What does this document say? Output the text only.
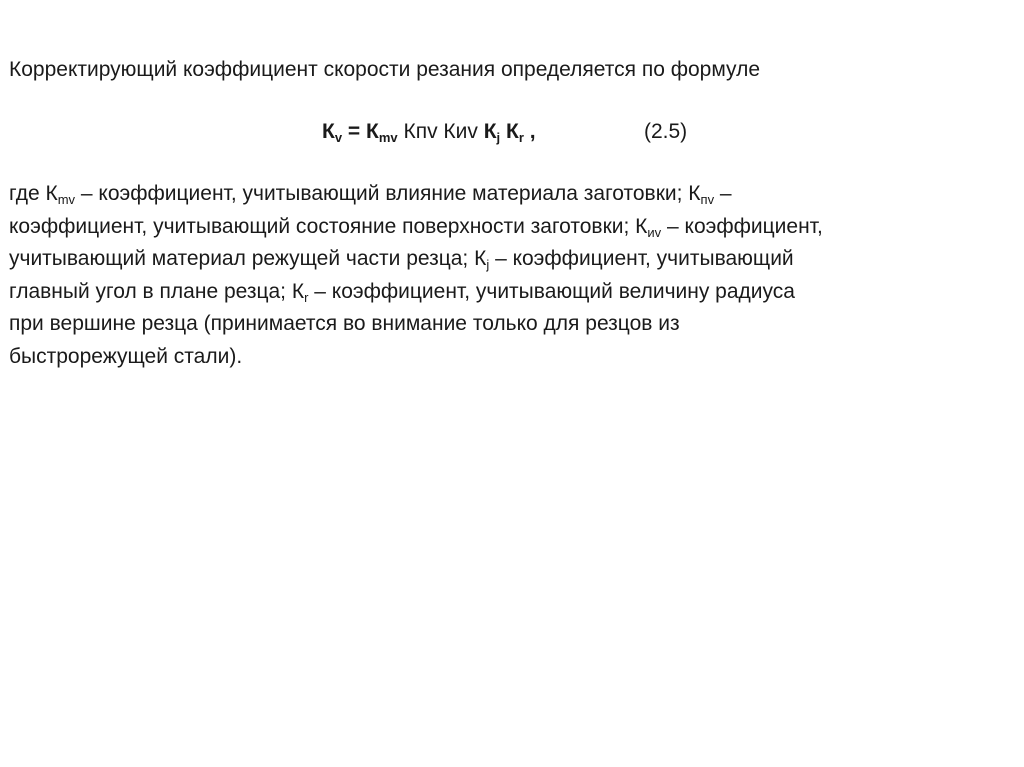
Корректирующий коэффициент скорости резания определяется по формуле
$К_v = К_{mv}$ Кпv Киv $К_j$ $К_r$ ,	(2.5)
где $К_{mv}$ – коэффициент, учитывающий влияние материала заготовки; $К_{пv}$ –
коэффициент, учитывающий состояние поверхности заготовки; $К_{иv}$ – коэффициент,
учитывающий материал режущей части резца; $К_j$ – коэффициент, учитывающий
главный угол в плане резца; $К_r$ – коэффициент, учитывающий величину радиуса
при вершине резца (принимается во внимание только для резцов из
быстрорежущей стали).
